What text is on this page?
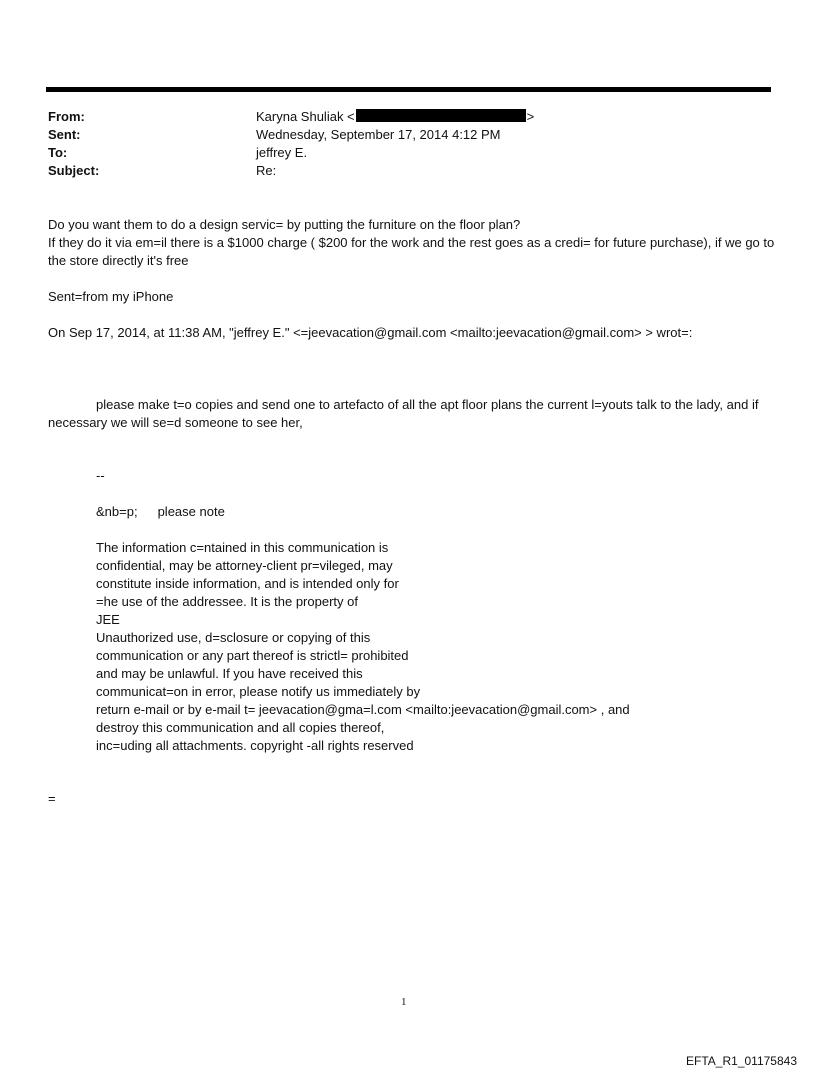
From:	Karyna Shuliak <	>
Sent:	Wednesday, September 17, 2014 4:12 PM
To:	jeffrey E.
Subject:	Re:

Do you want them to do a design servic= by putting the furniture on the floor plan?

If they do it via em=il there is a $1000 charge ( $200 for the work and the rest goes as a credi= for future purchase), if we go to the store directly it's free

Sent=from my iPhone

On Sep 17, 2014, at 11:38 AM, "jeffrey E." <=jeevacation@gmail.com <mailto:jeevacation@gmail.com> > wrot=:

please make t=o copies and send one to artefacto of all the apt floor plans the current l=youts talk to the lady, and if necessary we will se=d someone to see her,

--
&nb=p; please note
The information c=ntained in this communication is
confidential, may be attorney-client pr=vileged, may
constitute inside information, and is intended only for
=he use of the addressee. It is the property of
JEE
Unauthorized use, d=sclosure or copying of this
communication or any part thereof is strictl= prohibited
and may be unlawful. If you have received this
communicat=on in error, please notify us immediately by
return e-mail or by e-mail t= jeevacation@gma=l.com <mailto:jeevacation@gmail.com> , and
destroy this communication and all copies thereof,
inc=uding all attachments. copyright -all rights reserved
=
1
EFTA_R1_01175843
